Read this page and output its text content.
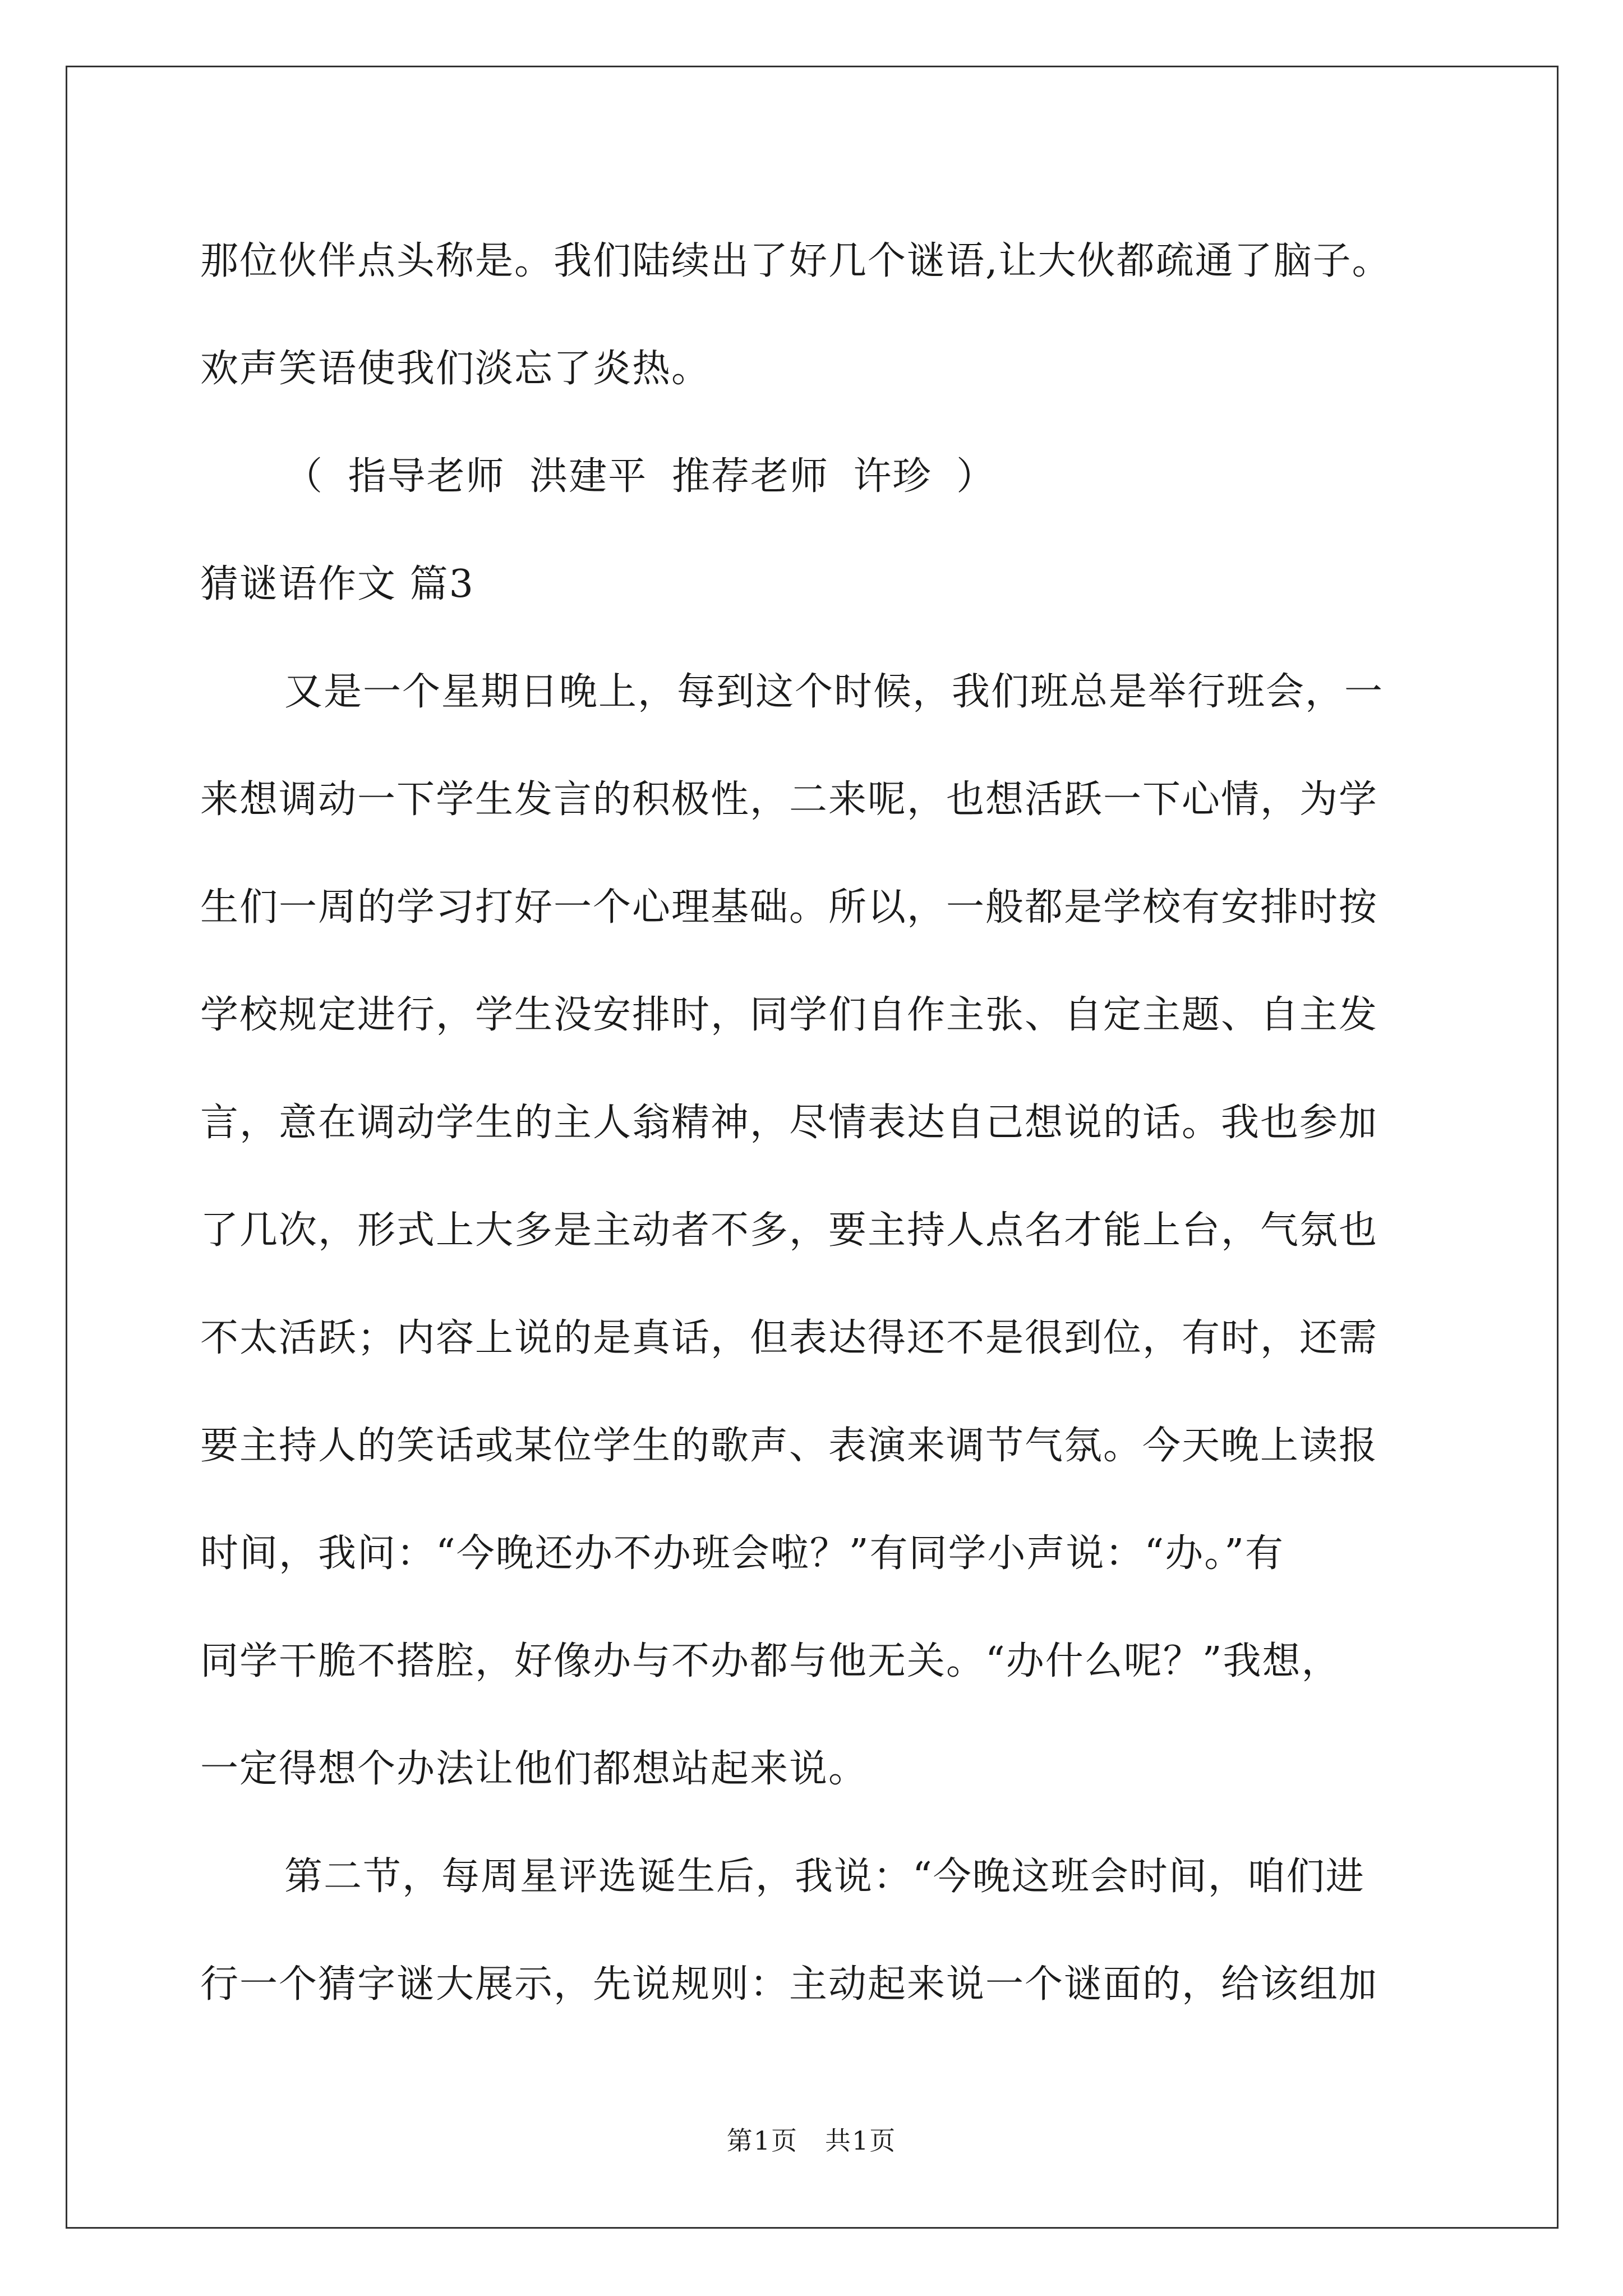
那位伙伴点头称是。我们陆续出了好几个谜语,让大伙都疏通了脑子。
欢声笑语使我们淡忘了炎热。
（ 指导老师 洪建平 推荐老师 许珍 ）
猜谜语作文 篇3
又是一个星期日晚上，每到这个时候，我们班总是举行班会，一
来想调动一下学生发言的积极性，二来呢，也想活跃一下心情，为学
生们一周的学习打好一个心理基础。所以，一般都是学校有安排时按
学校规定进行，学生没安排时，同学们自作主张、自定主题、自主发
言，意在调动学生的主人翁精神，尽情表达自己想说的话。我也参加
了几次，形式上大多是主动者不多，要主持人点名才能上台，气氛也
不太活跃；内容上说的是真话，但表达得还不是很到位，有时，还需
要主持人的笑话或某位学生的歌声、表演来调节气氛。今天晚上读报
时间，我问：“今晚还办不办班会啦？”有同学小声说：“办。”有
同学干脆不搭腔，好像办与不办都与他无关。“办什么呢？”我想，
一定得想个办法让他们都想站起来说。
第二节，每周星评选诞生后，我说：“今晚这班会时间，咱们进
行一个猜字谜大展示，先说规则：主动起来说一个谜面的，给该组加
第1页　共1页
